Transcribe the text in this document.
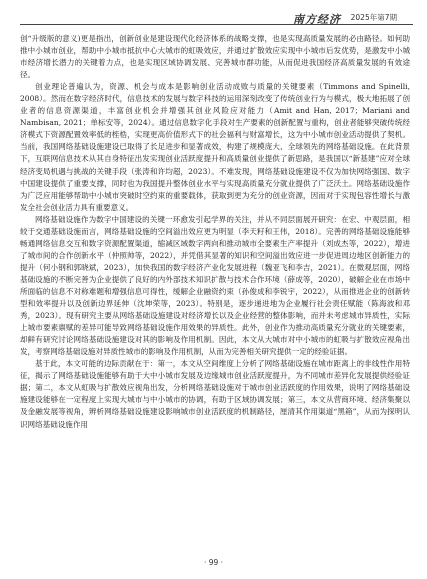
南方经济 2025年第7期

创“升级版的意义)更是指出，创新创业是建设现代化经济体系的战略支撑，也是实现高质量发展的必由路径。如何助推中小城市创业，帮助中小城市抵抗中心大城市的虹吸效应，并通过扩散效应实现中小城市后发优势，是激发中小城市经济增长潜力的关键着力点，也是实现区域协调发展、完善城市群功能，从而促进我国经济高质量发展的有效途径。

创业理论普遍认为，资源、机会与成本是影响创业活动成败与质量的关键要素（Timmons and Spinelli, 2008）。然而在数字经济时代，信息技术的发展与数字科技的运用深刻改变了传统创业行为与模式，极大地拓展了创业者的信息资源渠道，丰富创业机会并增强其创业风险应对能力（Amit and Han, 2017；Mariani and Nambisan, 2021；单标安等，2024）。通过信息数字化手段对生产要素的创新配置与重构，创业者能够突破传统经济模式下资源配置效率低的桎梏，实现更高价值形式下的社会福利与财富增长，这为中小城市创业活动提供了契机。当前，我国网络基础设施建设已取得了长足进步和显著成效，构建了规模庞大、全球领先的网络基础设施。在此背景下，互联网信息技术从其自身特征出发实现创业活跃度提升和高质量创业提供了新思路，是我国以“新基建”应对全球经济变局机遇与挑战的关键手段（张涛和许均超，2023）。不难发现，网络基础设施建设不仅为加快网络强国、数字中国建设提供了重要支撑，同时也为我国提升整体创业水平与实现高质量充分就业提供了广泛沃土。网络基础设施作为广泛应用能够帮助中小城市突破时空约束的重要载体，获取到更为充分的创业资源，因而对于实现包容性增长与激发全社会创业活力具有重要意义。

网络基础设施作为数字中国建设的关键一环愈发引起学界的关注，并从不同层面展开研究：在宏、中观层面，相较于交通基础设施而言，网络基础设施的空间溢出效应更为明显（李天籽和王伟，2018）。完善的网络基础设施能够畅通网络信息交互和数字资源配置渠道，缩减区域数字两向和推动城市全要素生产率提升（刘成杰等，2022），增进了城市间的合作创新水平（仲照帅等，2022），并凭借其显著的知识和空间溢出效应进一步促进周边地区创新能力的提升（何小钢和郭晓斌，2023），加快我国的数字经济产业化发展进程（魏亚飞和李吉，2021）。在微观层面，网络基础设施的不断完善为企业提供了良好的内外部技术知识扩散与技术合作环境（薛成等，2020），破解企业在市场中所面临的信息不对称难题和增强信息可得性，缓解企业融资约束（孙俊成和李锐宇，2022），从而推进企业的创新转型和效率提升以及创新边界延伸（沈坤荣等，2023）。特别是，逐步递进地为企业履行社会责任赋能（陈海波和邓秀，2023）。现有研究主要从网络基础设施建设对经济增长以及企业经营的整体影响，而并未考虑城市异质性，实际上城市要素禀赋的差异可能导致网络基础设施作用效果的异质性。此外，创业作为推动高质量充分就业的关键要素，却鲜有研究讨论网络基础设施建设对其的影响及作用机制。因此，本文从大城市对中小城市的虹吸与扩散效应视角出发，考察网络基础设施对异质性城市的影响及作用机制，从而为完善相关研究提供一定的经验证据。

基于此，本文可能的边际贡献在于：第一，本文从空间维度上分析了网络基础设施在城市距离上的非线性作用特征，揭示了网络基础设施能够有助于大中小城市发展及边缘城市创业活跃度提升，为不同城市差异化发展提供经验证据；第二，本文从虹吸与扩散效应视角出发，分析网络基础设施对于城市创业活跃度的作用效果，说明了网络基础设施建设能够在一定程度上实现大城市与中小城市的协调，有助于区域协调发展；第三，本文从营商环境、经济集聚以及金融发展等视角，辨析网络基础设施建设影响城市创业活跃度的机制路径，厘清其作用渠道“黑箱”，从而为探明认识网络基础设施作用

· 99 ·
